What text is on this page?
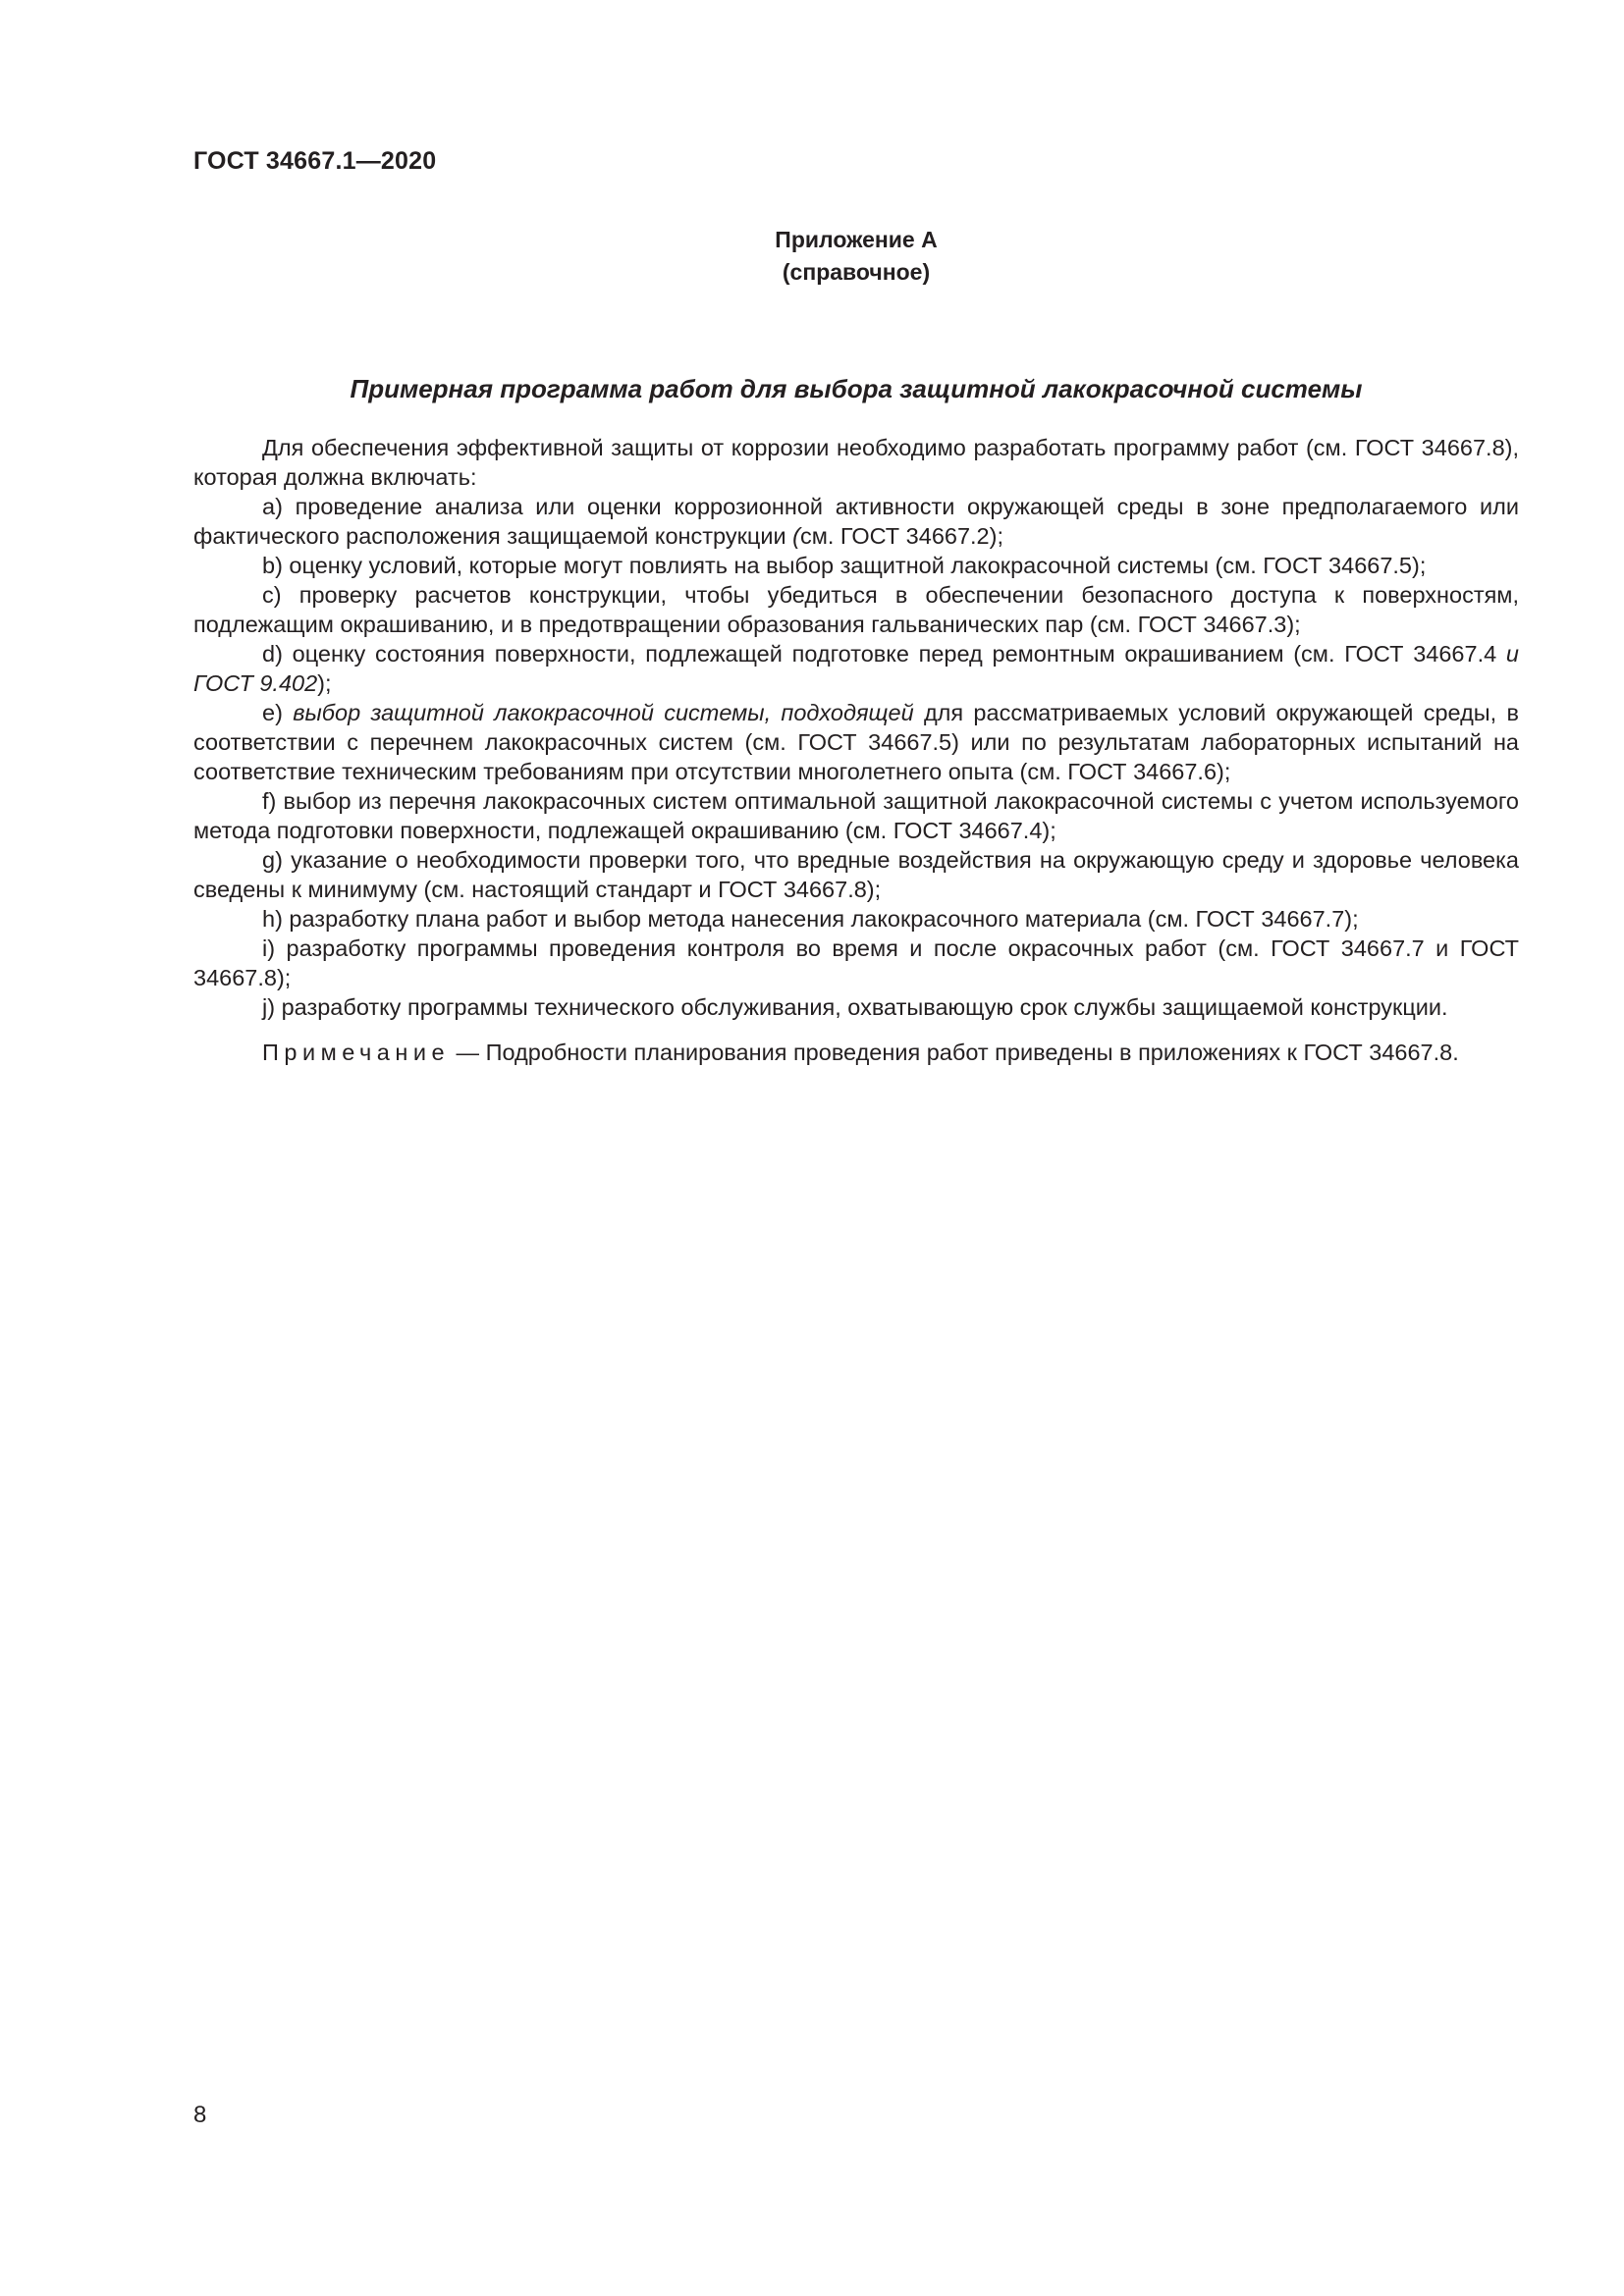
ГОСТ 34667.1—2020
Приложение А
(справочное)
Примерная программа работ для выбора защитной лакокрасочной системы

Для обеспечения эффективной защиты от коррозии необходимо разработать программу работ (см. ГОСТ 34667.8), которая должна включать:

a) проведение анализа или оценки коррозионной активности окружающей среды в зоне предполагаемого или фактического расположения защищаемой конструкции (см. ГОСТ 34667.2);

b) оценку условий, которые могут повлиять на выбор защитной лакокрасочной системы (см. ГОСТ 34667.5);

c) проверку расчетов конструкции, чтобы убедиться в обеспечении безопасного доступа к поверхностям, подлежащим окрашиванию, и в предотвращении образования гальванических пар (см. ГОСТ 34667.3);

d) оценку состояния поверхности, подлежащей подготовке перед ремонтным окрашиванием (см. ГОСТ 34667.4 и ГОСТ 9.402);

e) выбор защитной лакокрасочной системы, подходящей для рассматриваемых условий окружающей среды, в соответствии с перечнем лакокрасочных систем (см. ГОСТ 34667.5) или по результатам лабораторных испытаний на соответствие техническим требованиям при отсутствии многолетнего опыта (см. ГОСТ 34667.6);

f) выбор из перечня лакокрасочных систем оптимальной защитной лакокрасочной системы с учетом используемого метода подготовки поверхности, подлежащей окрашиванию (см. ГОСТ 34667.4);

g) указание о необходимости проверки того, что вредные воздействия на окружающую среду и здоровье человека сведены к минимуму (см. настоящий стандарт и ГОСТ 34667.8);

h) разработку плана работ и выбор метода нанесения лакокрасочного материала (см. ГОСТ 34667.7);

i) разработку программы проведения контроля во время и после окрасочных работ (см. ГОСТ 34667.7 и ГОСТ 34667.8);

j) разработку программы технического обслуживания, охватывающую срок службы защищаемой конструкции.

Примечание — Подробности планирования проведения работ приведены в приложениях к ГОСТ 34667.8.

8
